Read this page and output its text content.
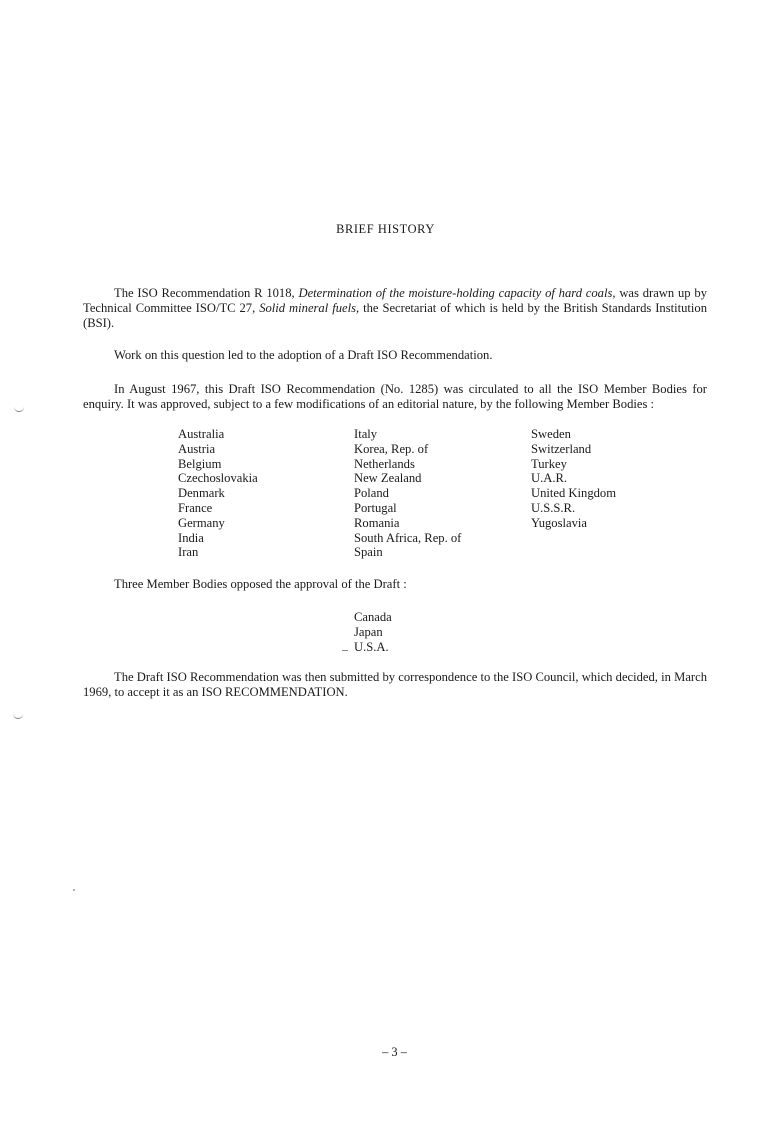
BRIEF HISTORY

The ISO Recommendation R 1018, Determination of the moisture-holding capacity of hard coals, was drawn up by Technical Committee ISO/TC 27, Solid mineral fuels, the Secretariat of which is held by the British Standards Institution (BSI).

Work on this question led to the adoption of a Draft ISO Recommendation.

In August 1967, this Draft ISO Recommendation (No. 1285) was circulated to all the ISO Member Bodies for enquiry. It was approved, subject to a few modifications of an editorial nature, by the following Member Bodies :

Australia
Austria
Belgium
Czechoslovakia
Denmark
France
Germany
India
Iran
Italy
Korea, Rep. of
Netherlands
New Zealand
Poland
Portugal
Romania
South Africa, Rep. of
Spain
Sweden
Switzerland
Turkey
U.A.R.
United Kingdom
U.S.S.R.
Yugoslavia

Three Member Bodies opposed the approval of the Draft :

Canada
Japan
U.S.A.

The Draft ISO Recommendation was then submitted by correspondence to the ISO Council, which decided, in March 1969, to accept it as an ISO RECOMMENDATION.

– 3 –
